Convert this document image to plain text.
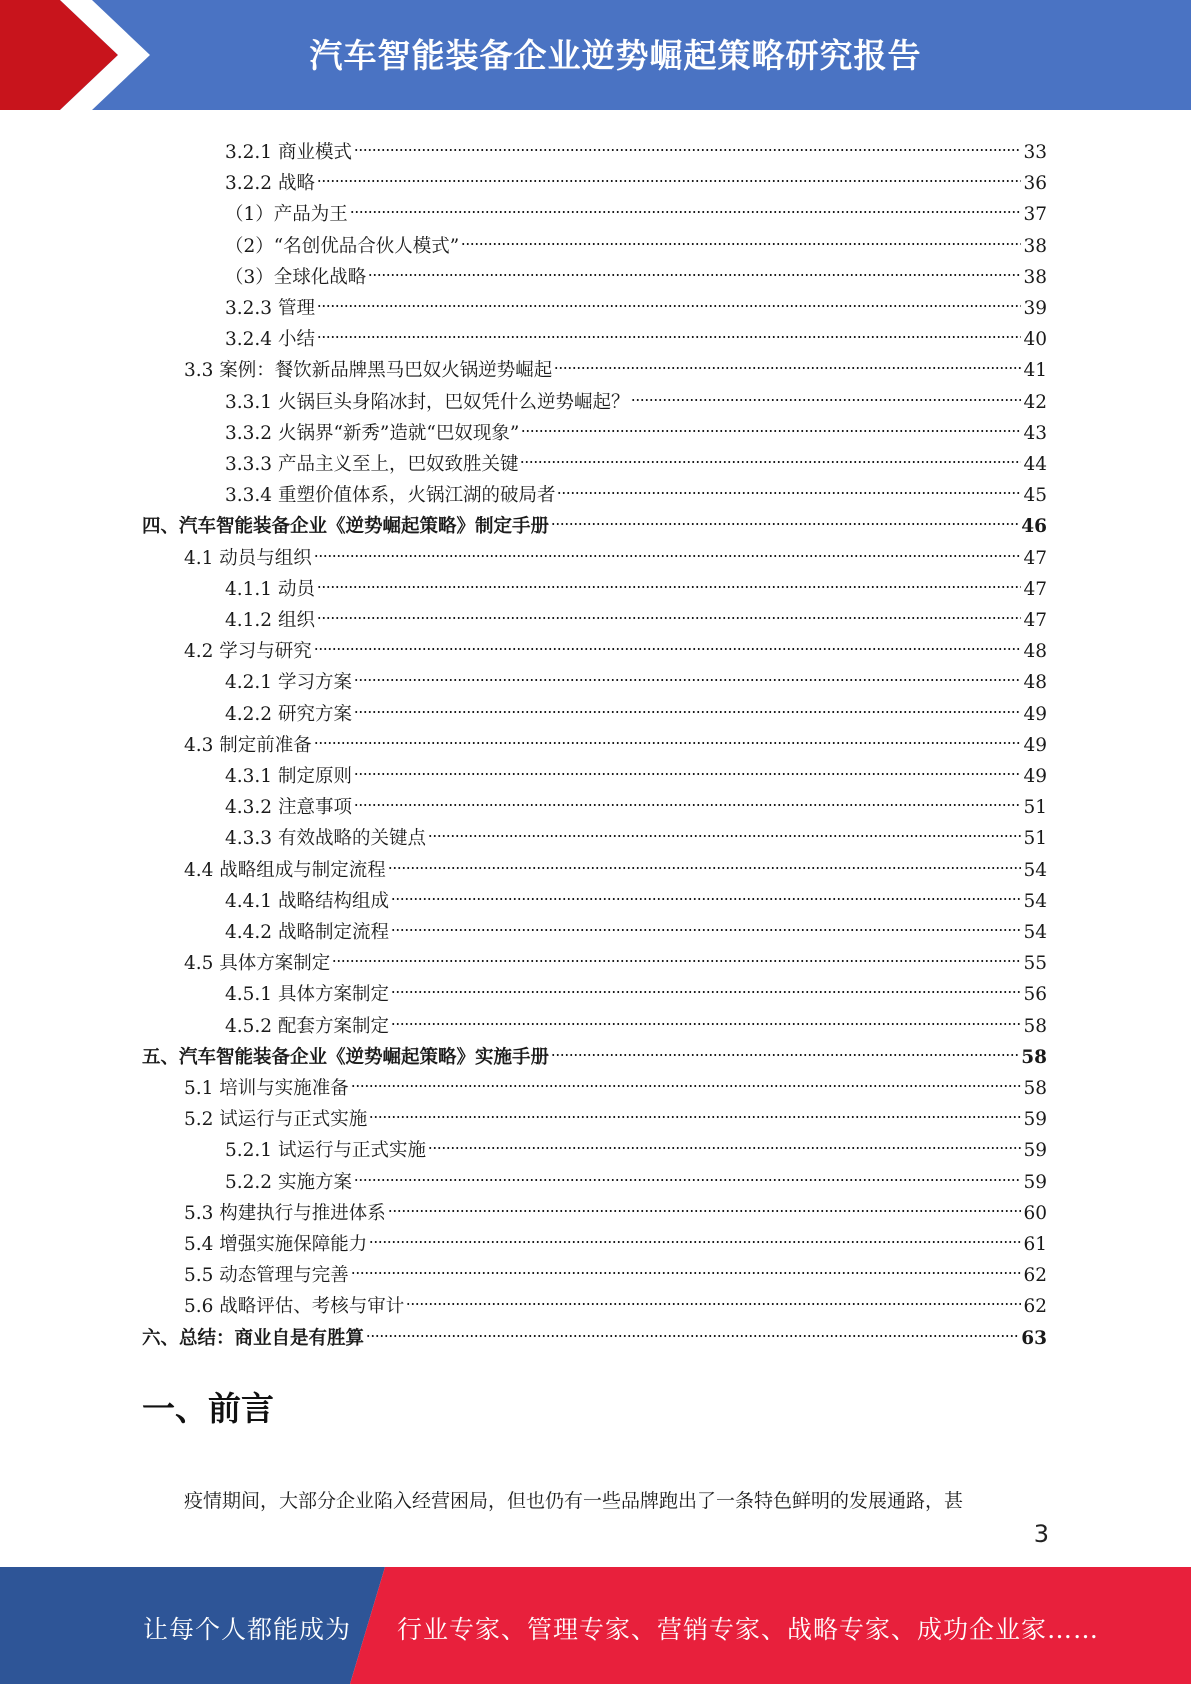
汽车智能装备企业逆势崛起策略研究报告
3.2.1 商业模式	33
3.2.2 战略	36
（1）产品为王	37
（2）“名创优品合伙人模式”	38
（3）全球化战略	38
3.2.3 管理	39
3.2.4 小结	40
3.3 案例：餐饮新品牌黑马巴奴火锅逆势崛起	41
3.3.1 火锅巨头身陷冰封，巴奴凭什么逆势崛起？	42
3.3.2 火锅界“新秀”造就“巴奴现象”	43
3.3.3 产品主义至上，巴奴致胜关键	44
3.3.4 重塑价值体系，火锅江湖的破局者	45
四、汽车智能装备企业《逆势崛起策略》制定手册	46
4.1 动员与组织	47
4.1.1 动员	47
4.1.2 组织	47
4.2 学习与研究	48
4.2.1 学习方案	48
4.2.2 研究方案	49
4.3 制定前准备	49
4.3.1 制定原则	49
4.3.2 注意事项	51
4.3.3 有效战略的关键点	51
4.4 战略组成与制定流程	54
4.4.1 战略结构组成	54
4.4.2 战略制定流程	54
4.5 具体方案制定	55
4.5.1 具体方案制定	56
4.5.2 配套方案制定	58
五、汽车智能装备企业《逆势崛起策略》实施手册	58
5.1 培训与实施准备	58
5.2 试运行与正式实施	59
5.2.1 试运行与正式实施	59
5.2.2 实施方案	59
5.3 构建执行与推进体系	60
5.4 增强实施保障能力	61
5.5 动态管理与完善	62
5.6 战略评估、考核与审计	62
六、总结：商业自是有胜算	63
一、前言
疫情期间，大部分企业陷入经营困局，但也仍有一些品牌跑出了一条特色鲜明的发展通路，甚
3
让每个人都能成为 行业专家、管理专家、营销专家、战略专家、成功企业家……
